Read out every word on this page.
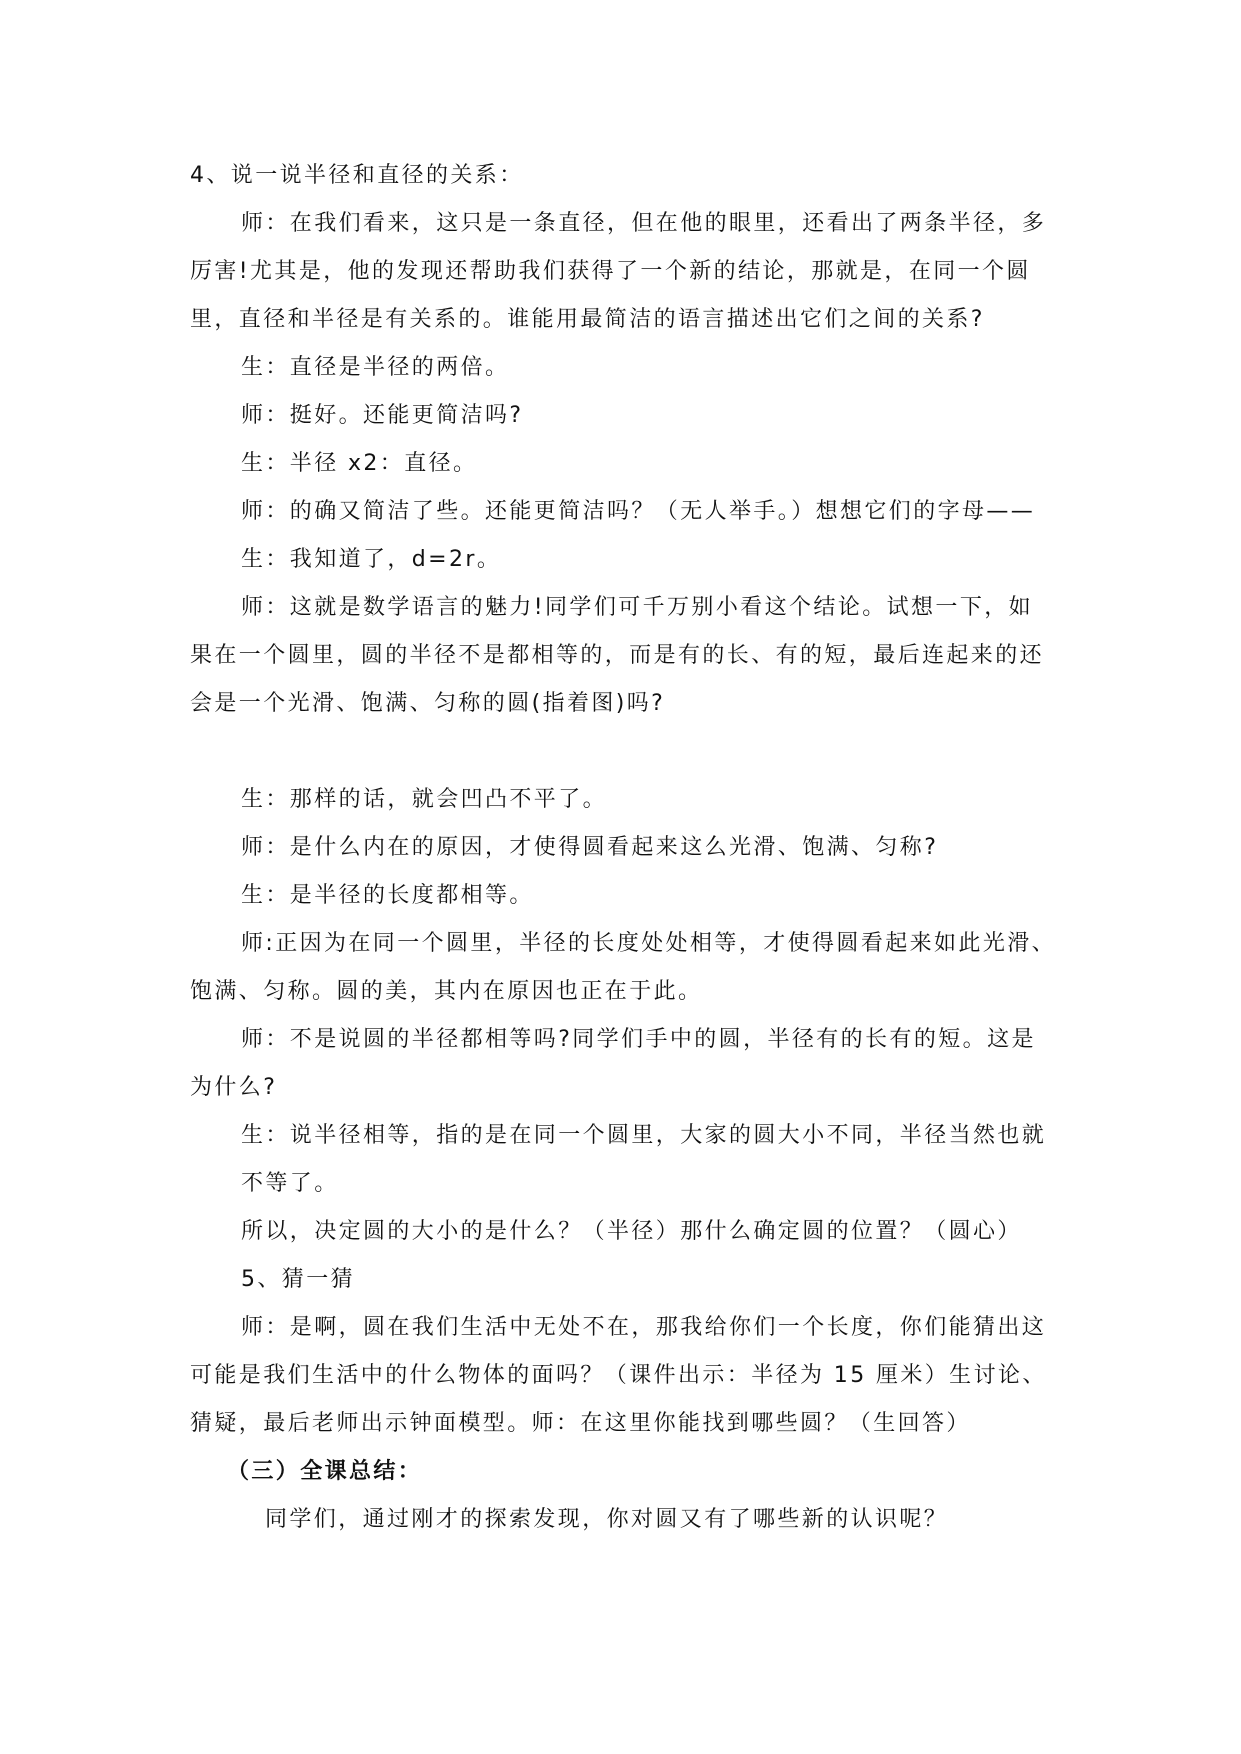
4、说一说半径和直径的关系：
师：在我们看来，这只是一条直径，但在他的眼里，还看出了两条半径，多
厉害!尤其是，他的发现还帮助我们获得了一个新的结论，那就是，在同一个圆
里，直径和半径是有关系的。谁能用最简洁的语言描述出它们之间的关系?
生：直径是半径的两倍。
师：挺好。还能更简洁吗?
生：半径 x2：直径。
师：的确又简洁了些。还能更简洁吗？（无人举手。）想想它们的字母——
生：我知道了，d=2r。
师：这就是数学语言的魅力!同学们可千万别小看这个结论。试想一下，如
果在一个圆里，圆的半径不是都相等的，而是有的长、有的短，最后连起来的还
会是一个光滑、饱满、匀称的圆(指着图)吗?
生：那样的话，就会凹凸不平了。
师：是什么内在的原因，才使得圆看起来这么光滑、饱满、匀称?
生：是半径的长度都相等。
师:正因为在同一个圆里，半径的长度处处相等，才使得圆看起来如此光滑、
饱满、匀称。圆的美，其内在原因也正在于此。
师：不是说圆的半径都相等吗?同学们手中的圆，半径有的长有的短。这是
为什么?
生：说半径相等，指的是在同一个圆里，大家的圆大小不同，半径当然也就
不等了。
所以，决定圆的大小的是什么？（半径）那什么确定圆的位置？（圆心）
5、猜一猜
师：是啊，圆在我们生活中无处不在，那我给你们一个长度，你们能猜出这
可能是我们生活中的什么物体的面吗？（课件出示：半径为 15 厘米）生讨论、
猜疑，最后老师出示钟面模型。师：在这里你能找到哪些圆？（生回答）
（三）全课总结：
同学们，通过刚才的探索发现，你对圆又有了哪些新的认识呢？
